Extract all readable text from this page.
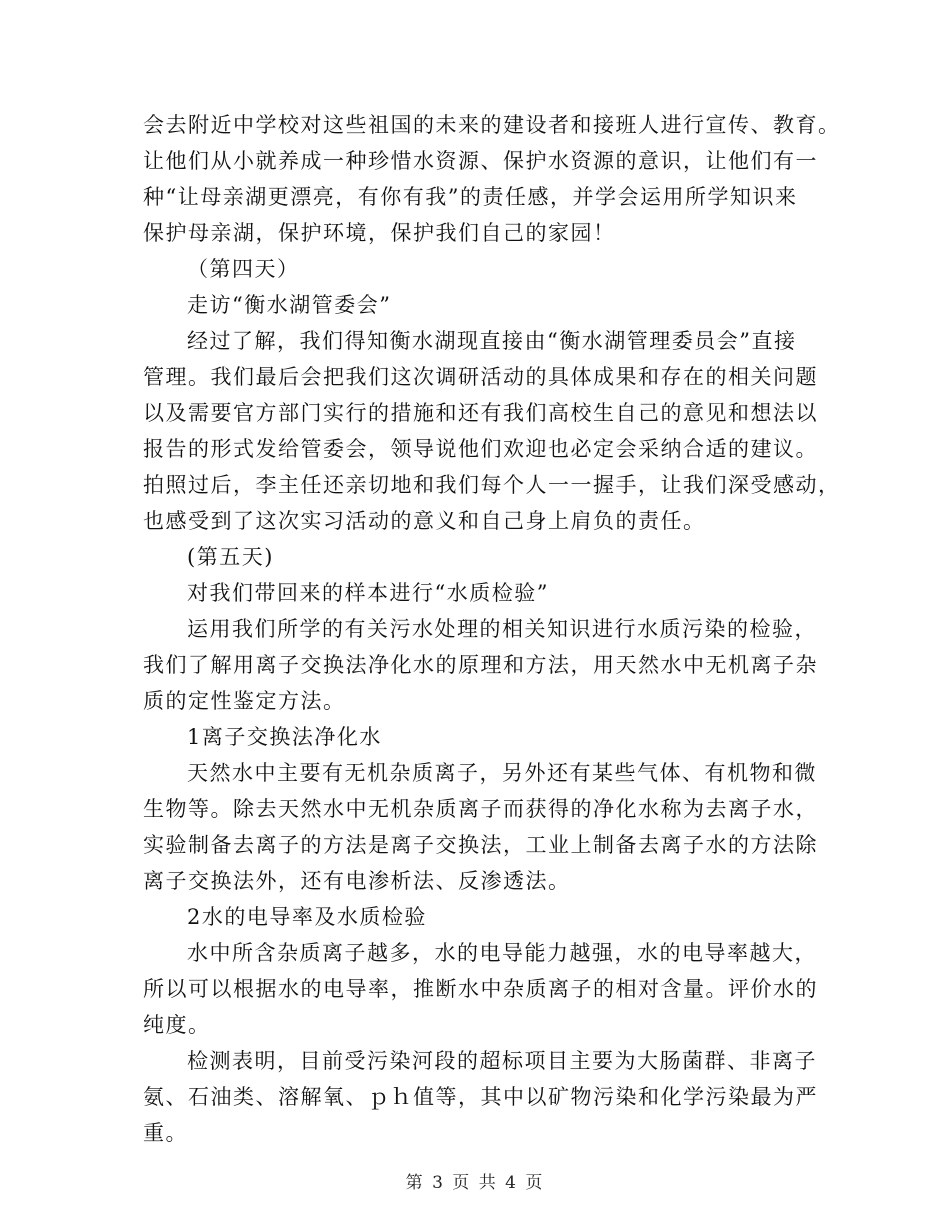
会去附近中学校对这些祖国的未来的建设者和接班人进行宣传、教育。
让他们从小就养成一种珍惜水资源、保护水资源的意识，让他们有一
种“让母亲湖更漂亮，有你有我”的责任感，并学会运用所学知识来
保护母亲湖，保护环境，保护我们自己的家园！
（第四天）
走访“衡水湖管委会”
经过了解，我们得知衡水湖现直接由“衡水湖管理委员会”直接
管理。我们最后会把我们这次调研活动的具体成果和存在的相关问题
以及需要官方部门实行的措施和还有我们高校生自己的意见和想法以
报告的形式发给管委会，领导说他们欢迎也必定会采纳合适的建议。
拍照过后，李主任还亲切地和我们每个人一一握手，让我们深受感动，
也感受到了这次实习活动的意义和自己身上肩负的责任。
(第五天)
对我们带回来的样本进行“水质检验”
运用我们所学的有关污水处理的相关知识进行水质污染的检验，
我们了解用离子交换法净化水的原理和方法，用天然水中无机离子杂
质的定性鉴定方法。
1离子交换法净化水
天然水中主要有无机杂质离子，另外还有某些气体、有机物和微
生物等。除去天然水中无机杂质离子而获得的净化水称为去离子水，
实验制备去离子的方法是离子交换法，工业上制备去离子水的方法除
离子交换法外，还有电渗析法、反渗透法。
2水的电导率及水质检验
水中所含杂质离子越多，水的电导能力越强，水的电导率越大，
所以可以根据水的电导率，推断水中杂质离子的相对含量。评价水的
纯度。
检测表明，目前受污染河段的超标项目主要为大肠菌群、非离子
氨、石油类、溶解氧、ｐｈ值等，其中以矿物污染和化学污染最为严
重。
第 3 页 共 4 页
